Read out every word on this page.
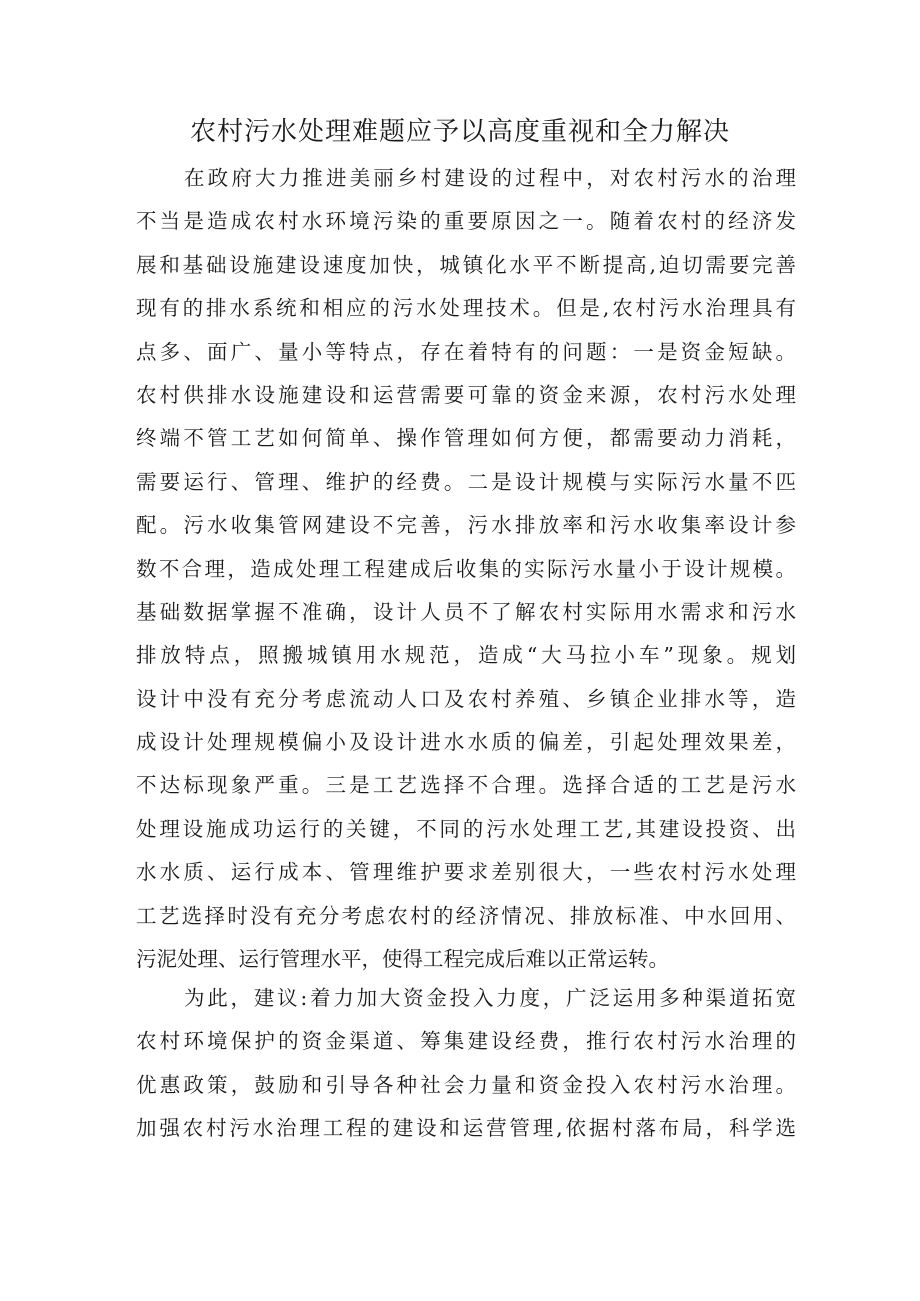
农村污水处理难题应予以高度重视和全力解决
在政府大力推进美丽乡村建设的过程中，对农村污水的治理
不当是造成农村水环境污染的重要原因之一。随着农村的经济发
展和基础设施建设速度加快，城镇化水平不断提高,迫切需要完善
现有的排水系统和相应的污水处理技术。但是,农村污水治理具有
点多、面广、量小等特点，存在着特有的问题：一是资金短缺。
农村供排水设施建设和运营需要可靠的资金来源，农村污水处理
终端不管工艺如何简单、操作管理如何方便，都需要动力消耗，
需要运行、管理、维护的经费。二是设计规模与实际污水量不匹
配。污水收集管网建设不完善，污水排放率和污水收集率设计参
数不合理，造成处理工程建成后收集的实际污水量小于设计规模。
基础数据掌握不准确，设计人员不了解农村实际用水需求和污水
排放特点，照搬城镇用水规范，造成“大马拉小车”现象。规划
设计中没有充分考虑流动人口及农村养殖、乡镇企业排水等，造
成设计处理规模偏小及设计进水水质的偏差，引起处理效果差，
不达标现象严重。三是工艺选择不合理。选择合适的工艺是污水
处理设施成功运行的关键，不同的污水处理工艺,其建设投资、出
水水质、运行成本、管理维护要求差别很大，一些农村污水处理
工艺选择时没有充分考虑农村的经济情况、排放标准、中水回用、
污泥处理、运行管理水平，使得工程完成后难以正常运转。
为此，建议:着力加大资金投入力度，广泛运用多种渠道拓宽
农村环境保护的资金渠道、筹集建设经费，推行农村污水治理的
优惠政策，鼓励和引导各种社会力量和资金投入农村污水治理。
加强农村污水治理工程的建设和运营管理,依据村落布局，科学选
